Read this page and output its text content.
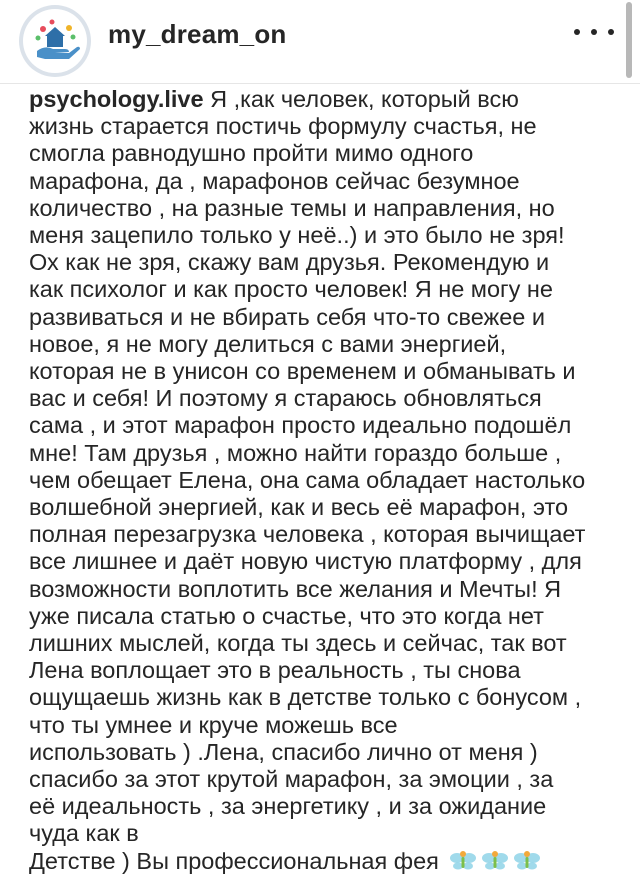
my_dream_on
psychology.live Я ,как человек, который всю
жизнь старается постичь формулу счастья, не
смогла равнодушно пройти мимо одного
марафона, да , марафонов сейчас безумное
количество , на разные темы и направления, но
меня зацепило только у неё..) и это было не зря!
Ох как не зря, скажу вам друзья. Рекомендую и
как психолог и как просто человек! Я не могу не
развиваться и не вбирать себя что-то свежее и
новое, я не могу делиться с вами энергией,
которая не в унисон со временем и обманывать и
вас и себя! И поэтому я стараюсь обновляться
сама , и этот марафон просто идеально подошёл
мне! Там друзья , можно найти гораздо больше ,
чем обещает Елена, она сама обладает настолько
волшебной энергией, как и весь её марафон, это
полная перезагрузка человека , которая вычищает
все лишнее и даёт новую чистую платформу , для
возможности воплотить все желания и Мечты! Я
уже писала статью о счастье, что это когда нет
лишних мыслей, когда ты здесь и сейчас, так вот
Лена воплощает это в реальность , ты снова
ощущаешь жизнь как в детстве только с бонусом ,
что ты умнее и круче можешь все
использовать ) .Лена, спасибо лично от меня )
спасибо за этот крутой марафон, за эмоции , за
её идеальность , за энергетику , и за ожидание
чуда как в
Детстве ) Вы профессиональная фея
